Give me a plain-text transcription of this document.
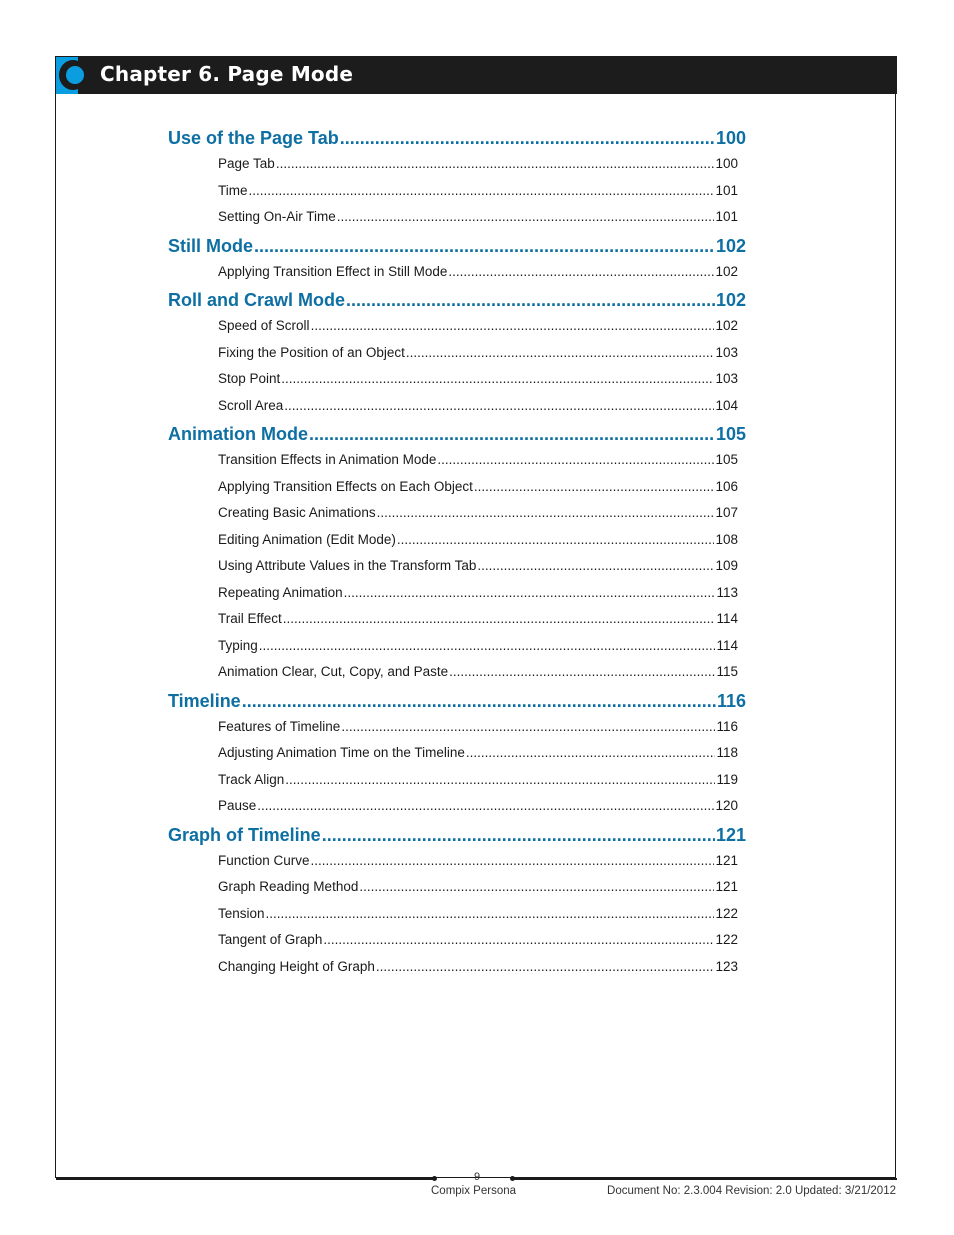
Chapter 6. Page Mode
Use of the Page Tab .....	100
Page Tab .....	100
Time .....	101
Setting On-Air Time .....	101
Still Mode .....	102
Applying Transition Effect in Still Mode .....	102
Roll and Crawl Mode .....	102
Speed of Scroll .....	102
Fixing the Position of an Object .....	103
Stop Point .....	103
Scroll Area .....	104
Animation Mode .....	105
Transition Effects in Animation Mode .....	105
Applying Transition Effects on Each Object .....	106
Creating Basic Animations .....	107
Editing Animation (Edit Mode) .....	108
Using Attribute Values in the Transform Tab .....	109
Repeating Animation .....	113
Trail Effect .....	114
Typing .....	114
Animation Clear, Cut, Copy, and Paste .....	115
Timeline .....	116
Features of Timeline .....	116
Adjusting Animation Time on the Timeline .....	118
Track Align .....	119
Pause .....	120
Graph of Timeline .....	121
Function Curve .....	121
Graph Reading Method .....	121
Tension .....	122
Tangent of Graph .....	122
Changing Height of Graph .....	123
9
Compix Persona	Document No: 2.3.004 Revision: 2.0 Updated: 3/21/2012
